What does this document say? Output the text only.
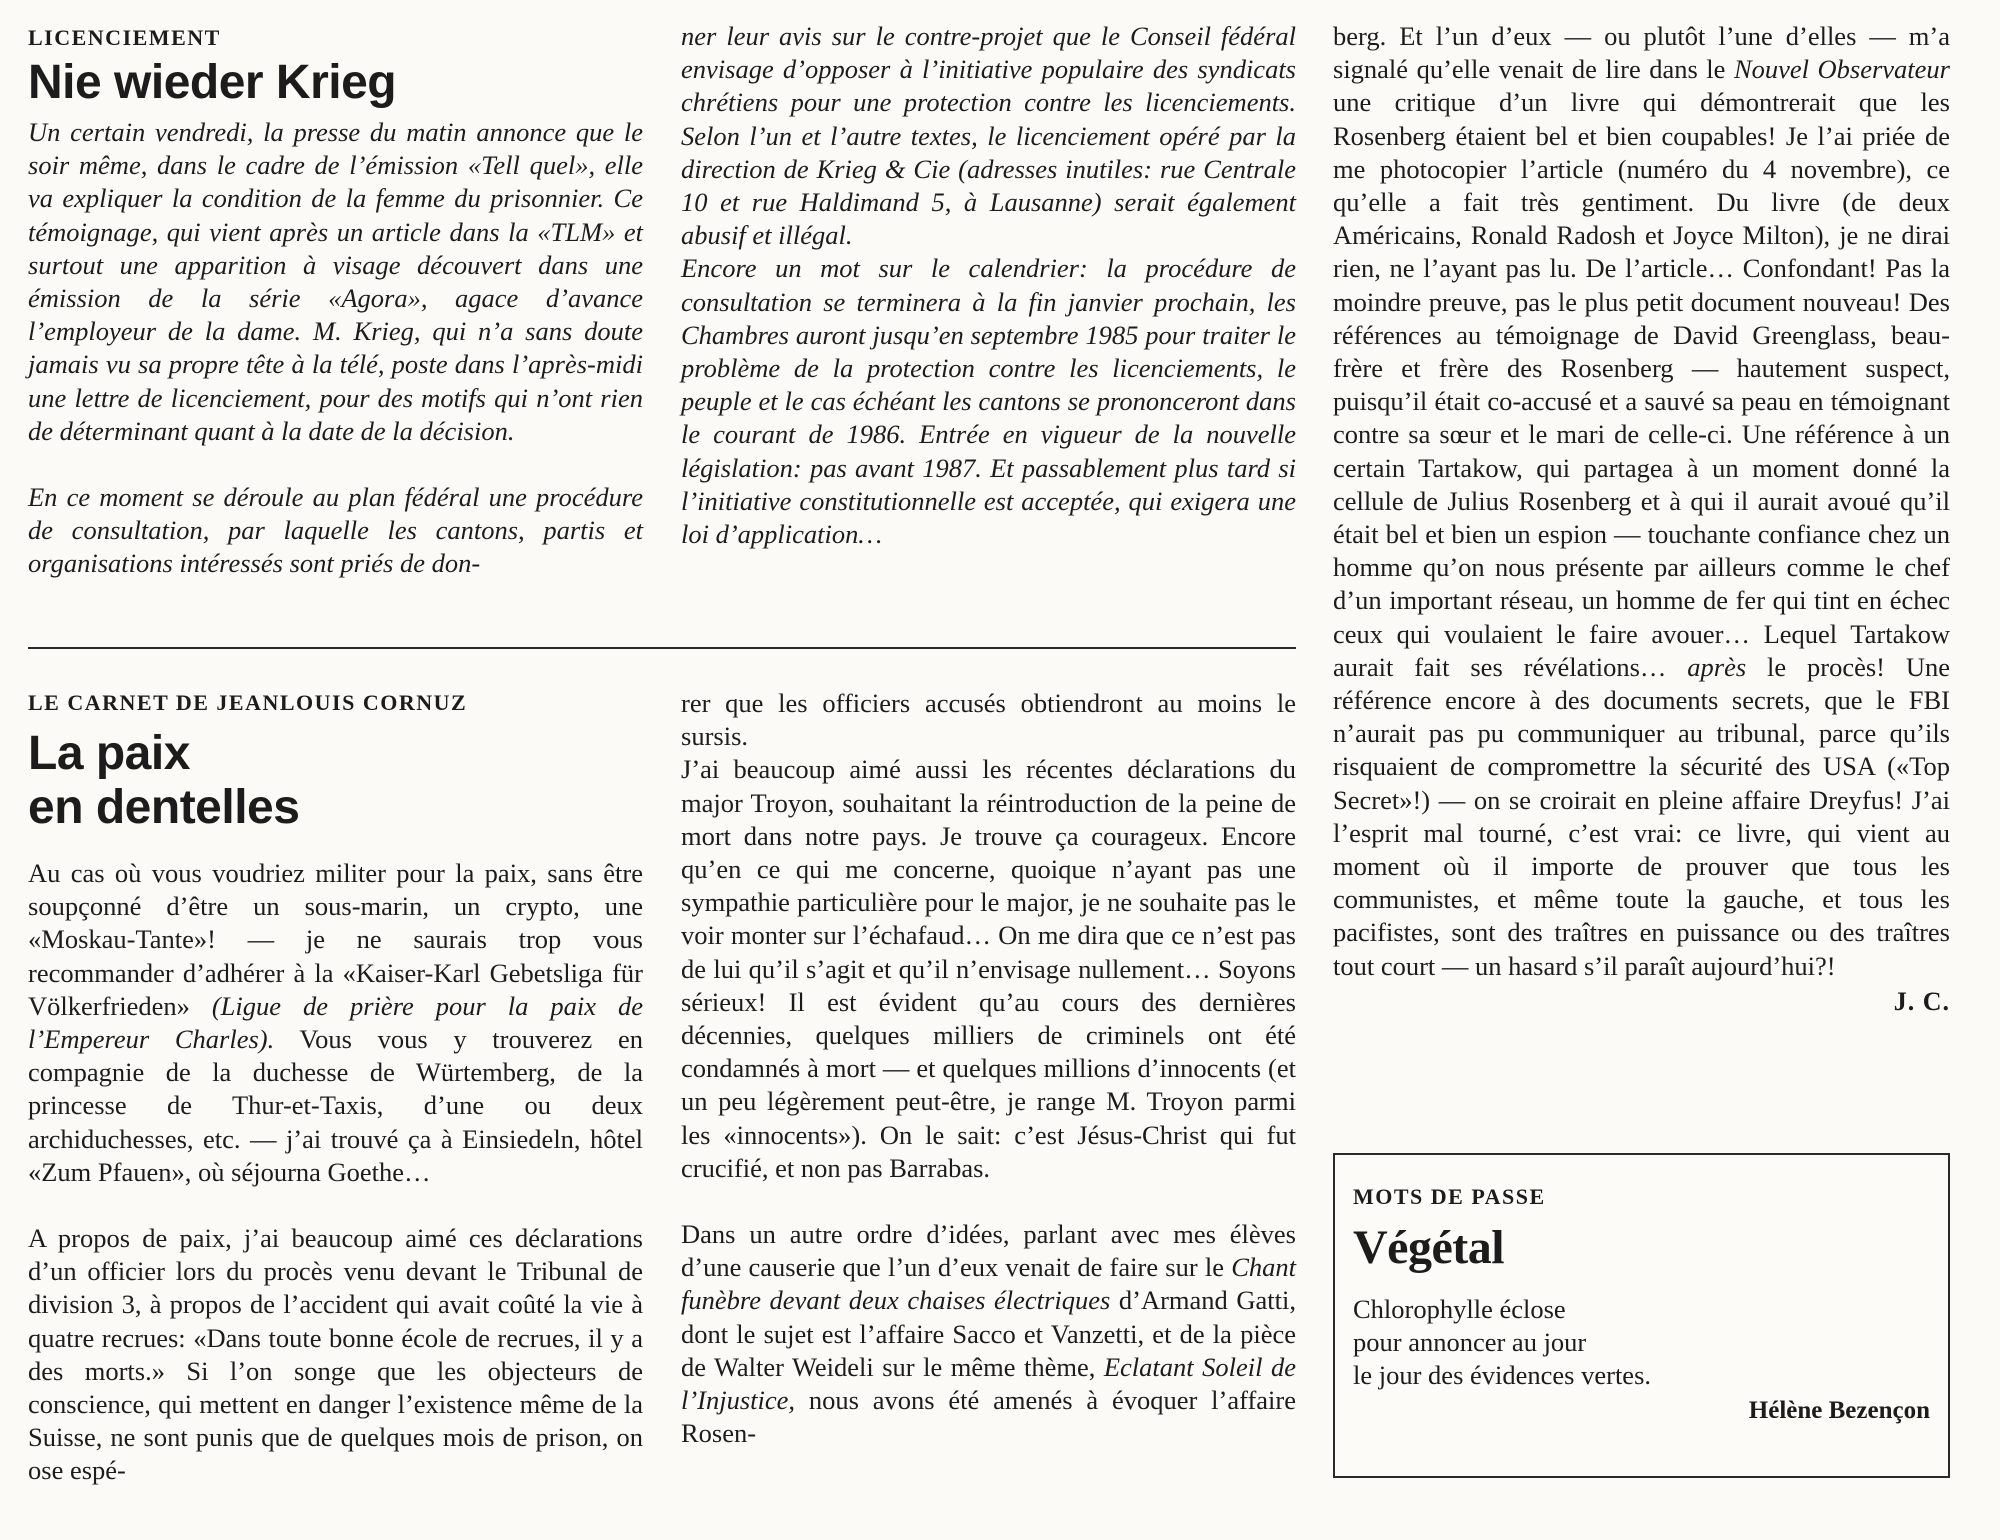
LICENCIEMENT

Nie wieder Krieg

Un certain vendredi, la presse du matin annonce que le soir même, dans le cadre de l’émission «Tell quel», elle va expliquer la condition de la femme du prisonnier. Ce témoignage, qui vient après un article dans la «TLM» et surtout une apparition à visage découvert dans une émission de la série «Agora», agace d’avance l’employeur de la dame. M. Krieg, qui n’a sans doute jamais vu sa propre tête à la télé, poste dans l’après-midi une lettre de licenciement, pour des motifs qui n’ont rien de déterminant quant à la date de la décision.

En ce moment se déroule au plan fédéral une procédure de consultation, par laquelle les cantons, partis et organisations intéressés sont priés de don-

ner leur avis sur le contre-projet que le Conseil fédéral envisage d’opposer à l’initiative populaire des syndicats chrétiens pour une protection contre les licenciements. Selon l’un et l’autre textes, le licenciement opéré par la direction de Krieg & Cie (adresses inutiles: rue Centrale 10 et rue Haldimand 5, à Lausanne) serait également abusif et illégal.

Encore un mot sur le calendrier: la procédure de consultation se terminera à la fin janvier prochain, les Chambres auront jusqu’en septembre 1985 pour traiter le problème de la protection contre les licenciements, le peuple et le cas échéant les cantons se prononceront dans le courant de 1986. Entrée en vigueur de la nouvelle législation: pas avant 1987. Et passablement plus tard si l’initiative constitutionnelle est acceptée, qui exigera une loi d’application…

LE CARNET DE JEANLOUIS CORNUZ

La paix
en dentelles

Au cas où vous voudriez militer pour la paix, sans être soupçonné d’être un sous-marin, un crypto, une «Moskau-Tante»! — je ne saurais trop vous recommander d’adhérer à la «Kaiser-Karl Gebetsliga für Völkerfrieden» (Ligue de prière pour la paix de l’Empereur Charles). Vous vous y trouverez en compagnie de la duchesse de Würtemberg, de la princesse de Thur-et-Taxis, d’une ou deux archiduchesses, etc. — j’ai trouvé ça à Einsiedeln, hôtel «Zum Pfauen», où séjourna Goethe…

A propos de paix, j’ai beaucoup aimé ces déclarations d’un officier lors du procès venu devant le Tribunal de division 3, à propos de l’accident qui avait coûté la vie à quatre recrues: «Dans toute bonne école de recrues, il y a des morts.» Si l’on songe que les objecteurs de conscience, qui mettent en danger l’existence même de la Suisse, ne sont punis que de quelques mois de prison, on ose espé-

rer que les officiers accusés obtiendront au moins le sursis.

J’ai beaucoup aimé aussi les récentes déclarations du major Troyon, souhaitant la réintroduction de la peine de mort dans notre pays. Je trouve ça courageux. Encore qu’en ce qui me concerne, quoique n’ayant pas une sympathie particulière pour le major, je ne souhaite pas le voir monter sur l’échafaud… On me dira que ce n’est pas de lui qu’il s’agit et qu’il n’envisage nullement… Soyons sérieux! Il est évident qu’au cours des dernières décennies, quelques milliers de criminels ont été condamnés à mort — et quelques millions d’innocents (et un peu légèrement peut-être, je range M. Troyon parmi les «innocents»). On le sait: c’est Jésus-Christ qui fut crucifié, et non pas Barrabas.

Dans un autre ordre d’idées, parlant avec mes élèves d’une causerie que l’un d’eux venait de faire sur le Chant funèbre devant deux chaises électriques d’Armand Gatti, dont le sujet est l’affaire Sacco et Vanzetti, et de la pièce de Walter Weideli sur le même thème, Eclatant Soleil de l’Injustice, nous avons été amenés à évoquer l’affaire Rosen-

berg. Et l’un d’eux — ou plutôt l’une d’elles — m’a signalé qu’elle venait de lire dans le Nouvel Observateur une critique d’un livre qui démontrerait que les Rosenberg étaient bel et bien coupables! Je l’ai priée de me photocopier l’article (numéro du 4 novembre), ce qu’elle a fait très gentiment. Du livre (de deux Américains, Ronald Radosh et Joyce Milton), je ne dirai rien, ne l’ayant pas lu. De l’article… Confondant! Pas la moindre preuve, pas le plus petit document nouveau! Des références au témoignage de David Greenglass, beau-frère et frère des Rosenberg — hautement suspect, puisqu’il était co-accusé et a sauvé sa peau en témoignant contre sa sœur et le mari de celle-ci. Une référence à un certain Tartakow, qui partagea à un moment donné la cellule de Julius Rosenberg et à qui il aurait avoué qu’il était bel et bien un espion — touchante confiance chez un homme qu’on nous présente par ailleurs comme le chef d’un important réseau, un homme de fer qui tint en échec ceux qui voulaient le faire avouer… Lequel Tartakow aurait fait ses révélations… après le procès! Une référence encore à des documents secrets, que le FBI n’aurait pas pu communiquer au tribunal, parce qu’ils risquaient de compromettre la sécurité des USA («Top Secret»!) — on se croirait en pleine affaire Dreyfus! J’ai l’esprit mal tourné, c’est vrai: ce livre, qui vient au moment où il importe de prouver que tous les communistes, et même toute la gauche, et tous les pacifistes, sont des traîtres en puissance ou des traîtres tout court — un hasard s’il paraît aujourd’hui?!

J. C.

MOTS DE PASSE

Végétal

Chlorophylle éclose

pour annoncer au jour

le jour des évidences vertes.

Hélène Bezençon
